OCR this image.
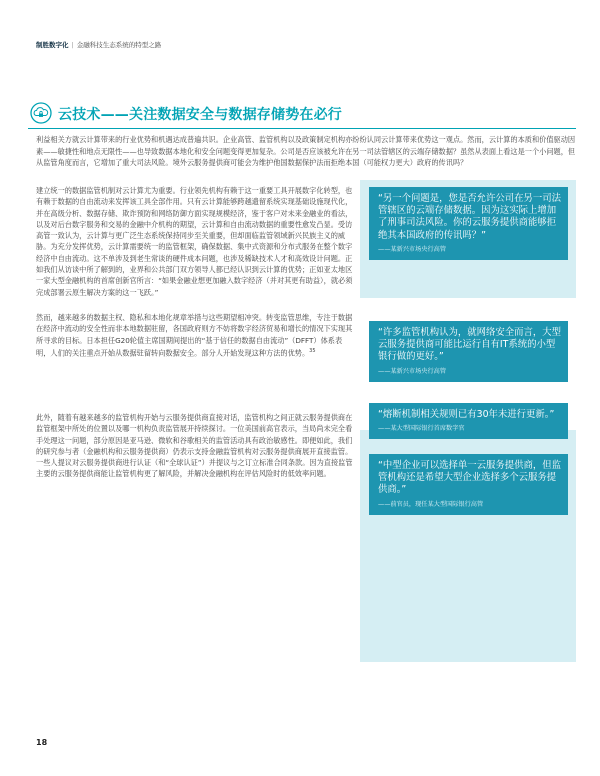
制胜数字化 | 金融科技生态系统的特型之路
云技术——关注数据安全与数据存储势在必行
利益相关方就云计算带来的行业优势和机遇达成普遍共识。企业高管、监管机构以及政策制定机构亦纷纷认同云计算带来优势这一观点。然而，云计算的本质和价值驱动因素——敏捷性和地点无限性——也导致数据本地化和安全问题变得更加复杂。公司是否应该被允许在另一司法管辖区的云端存储数据？虽然从表面上看这是一个小问题，但从监管角度而言，它增加了重大司法风险。境外云服务提供商可能会为维护他国数据保护法而拒绝本国（可能权力更大）政府的传讯吗？

建立统一的数据监管机制对云计算尤为重要。行业领先机构有赖于这一重要工具开展数字化转型，也有赖于数据的自由流动来发挥该工具全部作用。只有云计算能够跨越遗留系统实现基础设施现代化，并在高级分析、数据存储、欺诈预防和网络防御方面实现规模经济，鉴于客户对未来金融业的看法，以及对后台数字服务和交易的金融中介机构的期望，云计算和自由流动数据的重要性愈发凸显。受访高管一致认为，云计算与更广泛生态系统保持同步至关重要，但却面临监管领域新兴民族主义的威胁。为充分发挥优势，云计算需要统一的监管框架，确保数据、集中式资源和分布式服务在整个数字经济中自由流动。这不单涉及到老生常谈的硬件成本问题，也涉及稀缺技术人才和高效设计问题。正如我们从访谈中所了解到的，业界和公共部门双方领导人都已经认识到云计算的优势；正如亚太地区一家大型金融机构的首席创新官所言：“如果金融业想更加融入数字经济（并对其更有助益），就必须完成部署云原生解决方案的这一飞跃。”

然而，越来越多的数据主权、隐私和本地化规章举措与这些期望相冲突。转变监管思维，专注于数据在经济中流动的安全性而非本地数据驻留，各国政府则方不妨将数字经济贸易和增长的情况下实现其所寻求的目标。日本担任G20轮值主席国期间提出的“基于信任的数据自由流动”（DFFT）体系表明，人们的关注重点开始从数据驻留转向数据安全。部分人开始发现这种方法的优势。$^{35}$

此外，随着有越来越多的监管机构开始与云服务提供商直接对话，监管机构之间正就云服务提供商在监管框架中所处的位置以及哪一机构负责监管展开持续探讨。一位美国前高官表示，当局尚未完全看手处理这一问题，部分原因是亚马逊、微软和谷歌相关的监管活动具有政治敏感性。即便如此，我们的研究参与者（金融机构和云服务提供商）仍表示支持金融监管机构对云服务提供商展开直接监管。一些人提议对云服务提供商进行认证（和“全球认证”）并提议与之订立标准合同条款。因为直接监管主要的云服务提供商能让监管机构更了解风险，并解决金融机构在评估风险时的低效率问题。

“另一个问题是，您是否允许公司在另一司法管辖区的云端存储数据。因为这实际上增加了刑事司法风险。你的云服务提供商能够拒绝其本国政府的传讯吗？”
——某新兴市场央行高管
“许多监管机构认为，就网络安全而言，大型云服务提供商可能比运行自有IT系统的小型银行做的更好。”
——某新兴市场央行高管
“熔断机制相关规则已有30年未进行更新。”
——某大型国际银行首席数字官
“中型企业可以选择单一云服务提供商，但监管机构还是希望大型企业选择多个云服务提供商。”
——前官员，现任某大型国际银行高管
18
